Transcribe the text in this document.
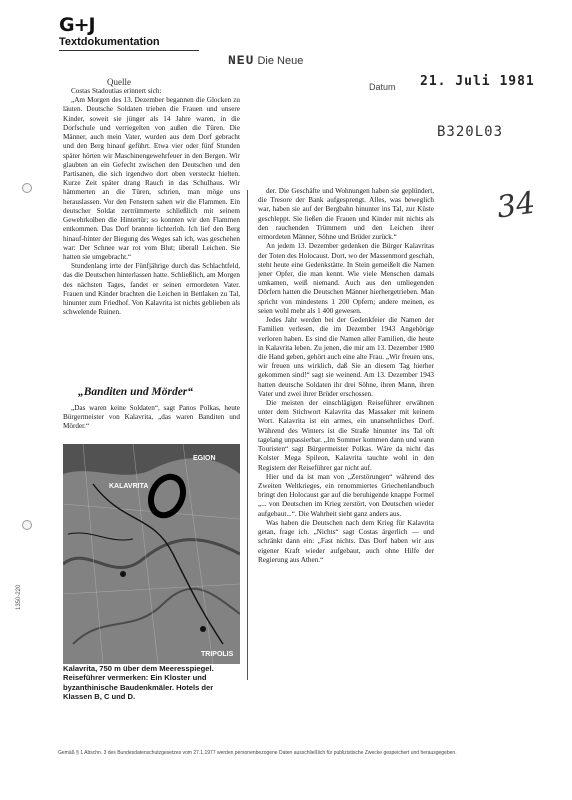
G+J
Textdokumentation
NEU Die Neue
Quelle	Datum 21. Juli 1981
B320L03
34

Costas Stadoutias erinnert sich:

„Am Morgen des 13. Dezember begannen die Glocken zu läuten. Deutsche Soldaten trieben die Frauen und unsere Kinder, soweit sie jünger als 14 Jahre waren, in die Dorfschule und verriegelten von außen die Türen. Die Männer, auch mein Vater, wurden aus dem Dorf gebracht und den Berg hinauf geführt. Etwa vier oder fünf Stunden später hörten wir Maschinengewehrfeuer in den Bergen. Wir glaubten an ein Gefecht zwischen den Deutschen und den Partisanen, die sich irgendwo dort oben versteckt hielten. Kurze Zeit später drang Rauch in das Schulhaus. Wir hämmerten an die Türen, schrien, man möge uns herauslassen. Vor den Fenstern sahen wir die Flammen. Ein deutscher Soldat zertrümmerte schließlich mit seinem Gewehrkolben die Hintertür; so konnten wir den Flammen entkommen. Das Dorf brannte lichterloh. Ich lief den Berg hinauf-hinter der Biegung des Weges sah ich, was geschehen war: Der Schnee war rot vom Blut; überall Leichen. Sie hatten sie umgebracht.“

Stundenlang irrte der Fünfjährige durch das Schlachtfeld, das die Deutschen hinterlassen hatte. Schließlich, am Morgen des nächsten Tages, fandet er seinen ermordeten Vater. Frauen und Kinder brachten die Leichen in Bettlaken zu Tal, hinunter zum Friedhof. Von Kalavrita ist nichts geblieben als schwelende Ruinen.

„Banditen und Mörder“

„Das waren keine Soldaten“, sagt Panos Polkas, heute Bürgermeister von Kalavrita, „das waren Banditen und Mörder.“

EGION
KALAVRITA
TRIPOLIS
Kalavrita, 750 m über dem Meeresspiegel. Reiseführer vermerken: Ein Kloster und byzanthinische Baudenkmäler. Hotels der Klassen B, C und D.

der. Die Geschäfte und Wohnungen haben sie geplündert, die Tresore der Bank aufgesprengt. Alles, was beweglich war, haben sie auf der Bergbahn hinunter ins Tal, zur Küste geschleppt. Sie ließen die Frauen und Kinder mit nichts als den rauchenden Trümmern und den Leichen ihrer ermordeten Männer, Söhne und Brüder zurück.“

An jedem 13. Dezember gedenken die Bürger Kalavritas der Toten des Holocaust. Dort, wo der Massenmord geschah, steht heute eine Gedenkstätte. In Stein gemeißelt die Namen jener Opfer, die man kennt. Wie viele Menschen damals umkamen, weiß niemand. Auch aus den umliegenden Dörfern hatten die Deutschen Männer hierhergetrieben. Man spricht von mindestens 1 200 Opfern; andere meinen, es seien wohl mehr als 1 400 gewesen.

Jedes Jahr werden bei der Gedenkfeier die Namen der Familien verlesen, die im Dezember 1943 Angehörige verloren haben. Es sind die Namen aller Familien, die heute in Kalavrita leben. Zu jenen, die mir am 13. Dezember 1980 die Hand geben, gehört auch eine alte Frau. „Wir freuen uns, wir freuen uns wirklich, daß Sie an diesem Tag hierher gekommen sind!“ sagt sie weinend. Am 13. Dezember 1943 hatten deutsche Soldaten ihr drei Söhne, ihren Mann, ihren Vater und zwei ihrer Brüder erschossen.

Die meisten der einschlägigen Reiseführer erwähnen unter dem Stichwort Kalavrita das Massaker mit keinem Wort. Kalavrita ist ein armes, ein unansehnliches Dorf. Während des Winters ist die Straße hinunter ins Tal oft tagelang unpassierbar. „Im Sommer kommen dann und wann Touristen“ sagt Bürgermeister Polkas. Wäre da nicht das Kolster Mega Spileon, Kalavrita tauchte wohl in den Registern der Reiseführer gar nicht auf.

Hier und da ist man von „Zerstörungen“ während des Zweiten Weltkrieges, ein renommiertes Griechenlandbuch bringt den Holocaust gar auf die beruhigende knappe Formel „... von Deutschen im Krieg zerstört, von Deutschen wieder aufgebaut...“. Die Wahrheit sieht ganz anders aus.

Was haben die Deutschen nach dem Krieg für Kalavrita getan, frage ich. „Nichts“ sagt Costas ärgerlich — und schränkt dann ein: „Fast nichts. Das Dorf haben wir aus eigener Kraft wieder aufgebaut, auch ohne Hilfe der Regierung aus Athen.“

1350-220
Gemäß § 1 Abschn. 3 des Bundesdatenschutzgesetzes vom 27.1.1977 werden personenbezogene Daten ausschließlich für publizistische Zwecke gespeichert und herausgegeben.
